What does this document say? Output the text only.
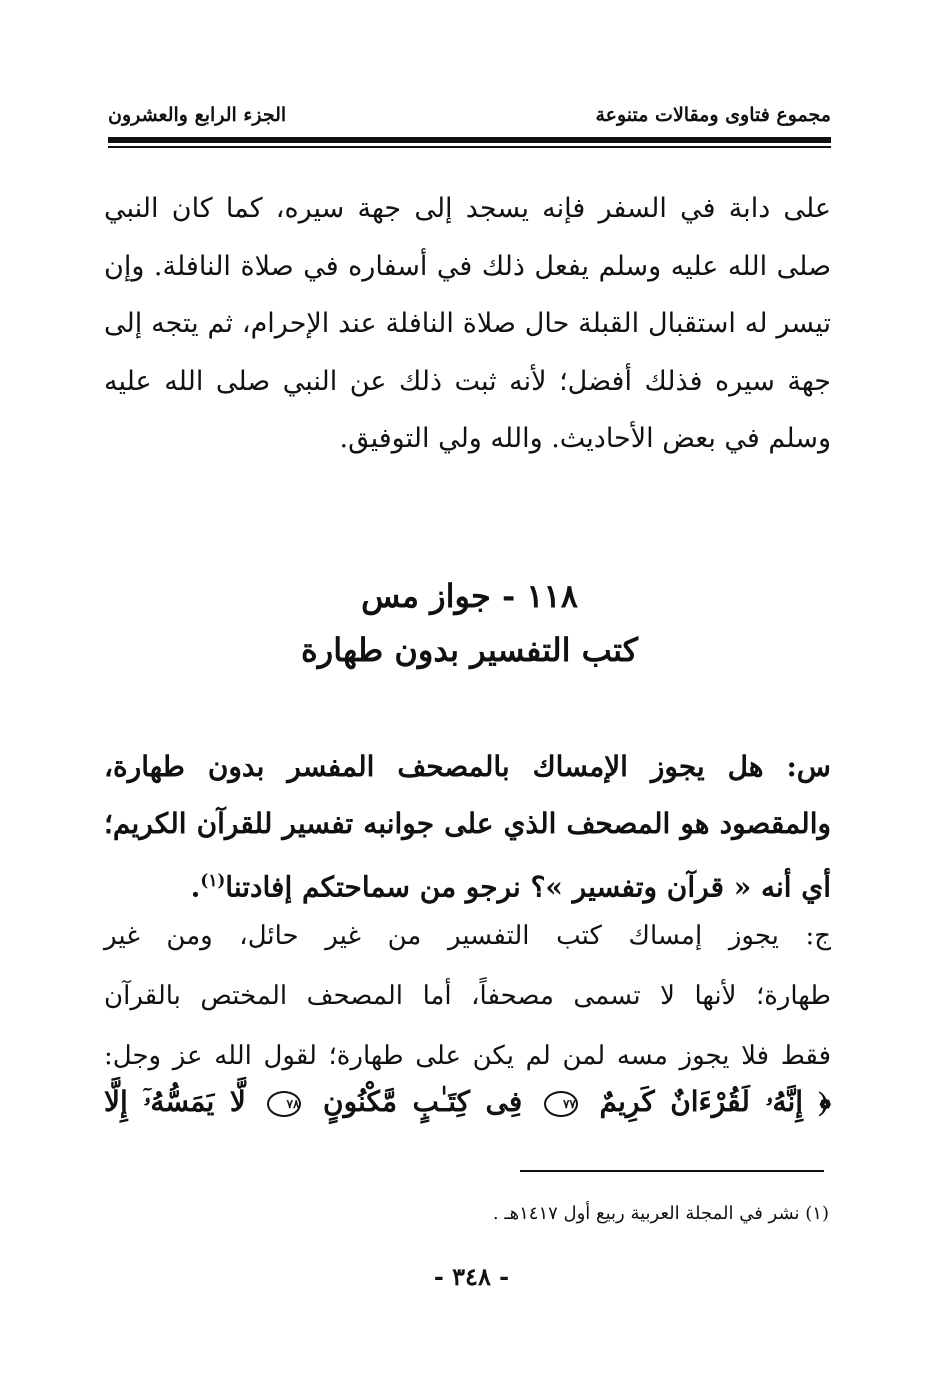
مجموع فتاوى ومقالات متنوعة
الجزء الرابع والعشرون
على دابة في السفر فإنه يسجد إلى جهة سيره، كما كان النبي
صلى الله عليه وسلم يفعل ذلك في أسفاره في صلاة النافلة. وإن
تيسر له استقبال القبلة حال صلاة النافلة عند الإحرام، ثم يتجه إلى
جهة سيره فذلك أفضل؛ لأنه ثبت ذلك عن النبي صلى الله عليه
وسلم في بعض الأحاديث. والله ولي التوفيق.
١١٨ - جواز مس
كتب التفسير بدون طهارة
س: هل يجوز الإمساك بالمصحف المفسر بدون طهارة،
والمقصود هو المصحف الذي على جوانبه تفسير للقرآن الكريم؛
أي أنه « قرآن وتفسير »؟ نرجو من سماحتكم إفادتنا$^{(١)}$.
ج: يجوز إمساك كتب التفسير من غير حائل، ومن غير
طهارة؛ لأنها لا تسمى مصحفاً، أما المصحف المختص بالقرآن
فقط فلا يجوز مسه لمن لم يكن على طهارة؛ لقول الله عز وجل:
﴿ إِنَّهُۥ لَقُرْءَانٌ كَرِيمٌ ٧٧ فِى كِتَـٰبٍ مَّكْنُونٍ ٧٨ لَّا يَمَسُّهُۥٓ إِلَّا
(١) نشر في المجلة العربية ربيع أول ١٤١٧هـ .
- ٣٤٨ -
